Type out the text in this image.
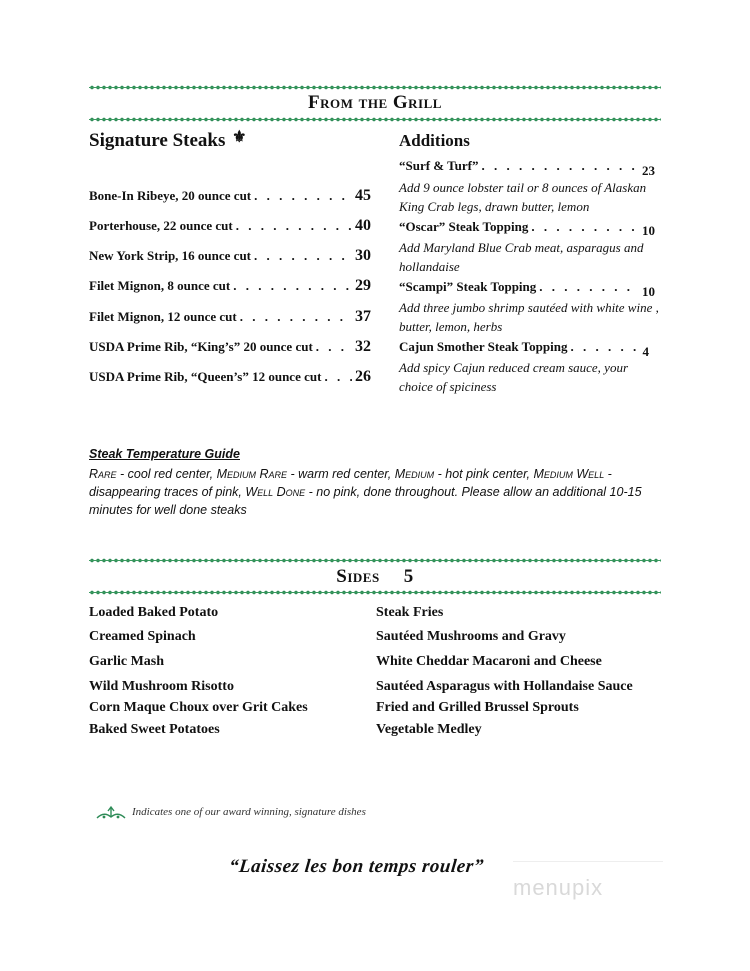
From the Grill
Signature Steaks ⚜
Bone-In Ribeye, 20 ounce cut . . .	45
Porterhouse, 22 ounce cut . . .	40
New York Strip, 16 ounce cut . . .	30
Filet Mignon, 8 ounce cut . . .	29
Filet Mignon, 12 ounce cut . . .	37
USDA Prime Rib, “King’s” 20 ounce cut . . .	32
USDA Prime Rib, “Queen’s” 12 ounce cut . . . 26
Additions
“Surf & Turf” . . .	23
Add 9 ounce lobster tail or 8 ounces of Alaskan King Crab legs, drawn butter, lemon
“Oscar” Steak Topping . . .	10
Add Maryland Blue Crab meat, asparagus and hollandaise
“Scampi” Steak Topping . . .	10
Add three jumbo shrimp sautéed with white wine , butter, lemon, herbs
Cajun Smother Steak Topping . . .	4
Add spicy Cajun reduced cream sauce, your choice of spiciness
Steak Temperature Guide
Rare - cool red center, Medium Rare - warm red center, Medium - hot pink center, Medium Well - disappearing traces of pink, Well Done - no pink, done throughout. Please allow an additional 10-15 minutes for well done steaks
Sides 5
Loaded Baked Potato
Creamed Spinach
Garlic Mash
Wild Mushroom Risotto
Corn Maque Choux over Grit Cakes
Baked Sweet Potatoes
Steak Fries
Sautéed Mushrooms and Gravy
White Cheddar Macaroni and Cheese
Sautéed Asparagus with Hollandaise Sauce
Fried and Grilled Brussel Sprouts
Vegetable Medley
Indicates one of our award winning, signature dishes
“Laissez les bon temps rouler”
menupix
